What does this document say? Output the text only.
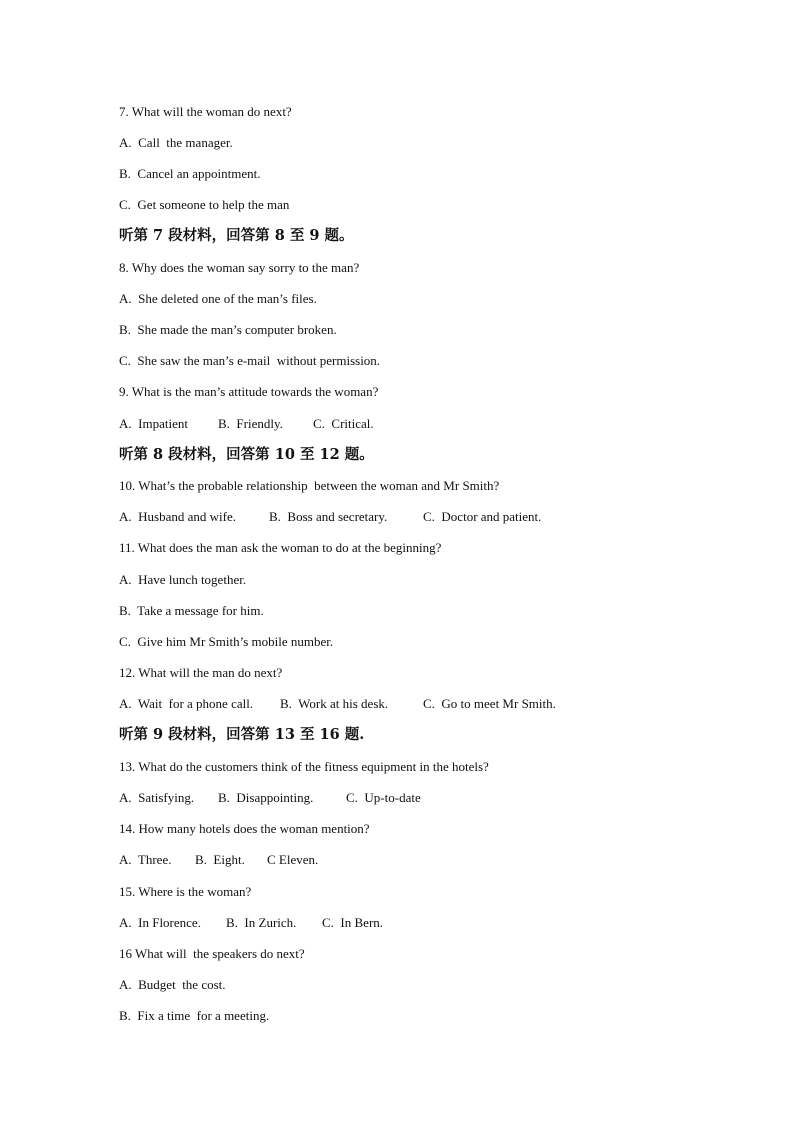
7. What will the woman do next?
A.  Call  the manager.
B.  Cancel an appointment.
C.  Get someone to help the man
听第 7 段材料，回答第 8 至 9 题。
8. Why does the woman say sorry to the man?
A.  She deleted one of the man’s files.
B.  She made the man’s computer broken.
C.  She saw the man’s e-mail  without permission.
9. What is the man’s attitude towards the woman?
A.  Impatient B.  Friendly. C.  Critical.
听第 8 段材料，回答第 10 至 12 题。
10. What’s the probable relationship  between the woman and Mr Smith?
A.  Husband and wife.	B.  Boss and secretary.	C.  Doctor and patient.
11. What does the man ask the woman to do at the beginning?
A.  Have lunch together.
B.  Take a message for him.
C.  Give him Mr Smith’s mobile number.
12. What will the man do next?
A.  Wait  for a phone call. B.  Work at his desk.	C.  Go to meet Mr Smith.
听第 9 段材料，回答第 13 至 16 题.
13. What do the customers think of the fitness equipment in the hotels?
A.  Satisfying. B.  Disappointing.	C.  Up-to-date
14. How many hotels does the woman mention?
A.  Three. B.  Eight. C Eleven.
15. Where is the woman?
A.  In Florence. B.  In Zurich. C.  In Bern.
16 What will  the speakers do next?
A.  Budget  the cost.
B.  Fix a time  for a meeting.
